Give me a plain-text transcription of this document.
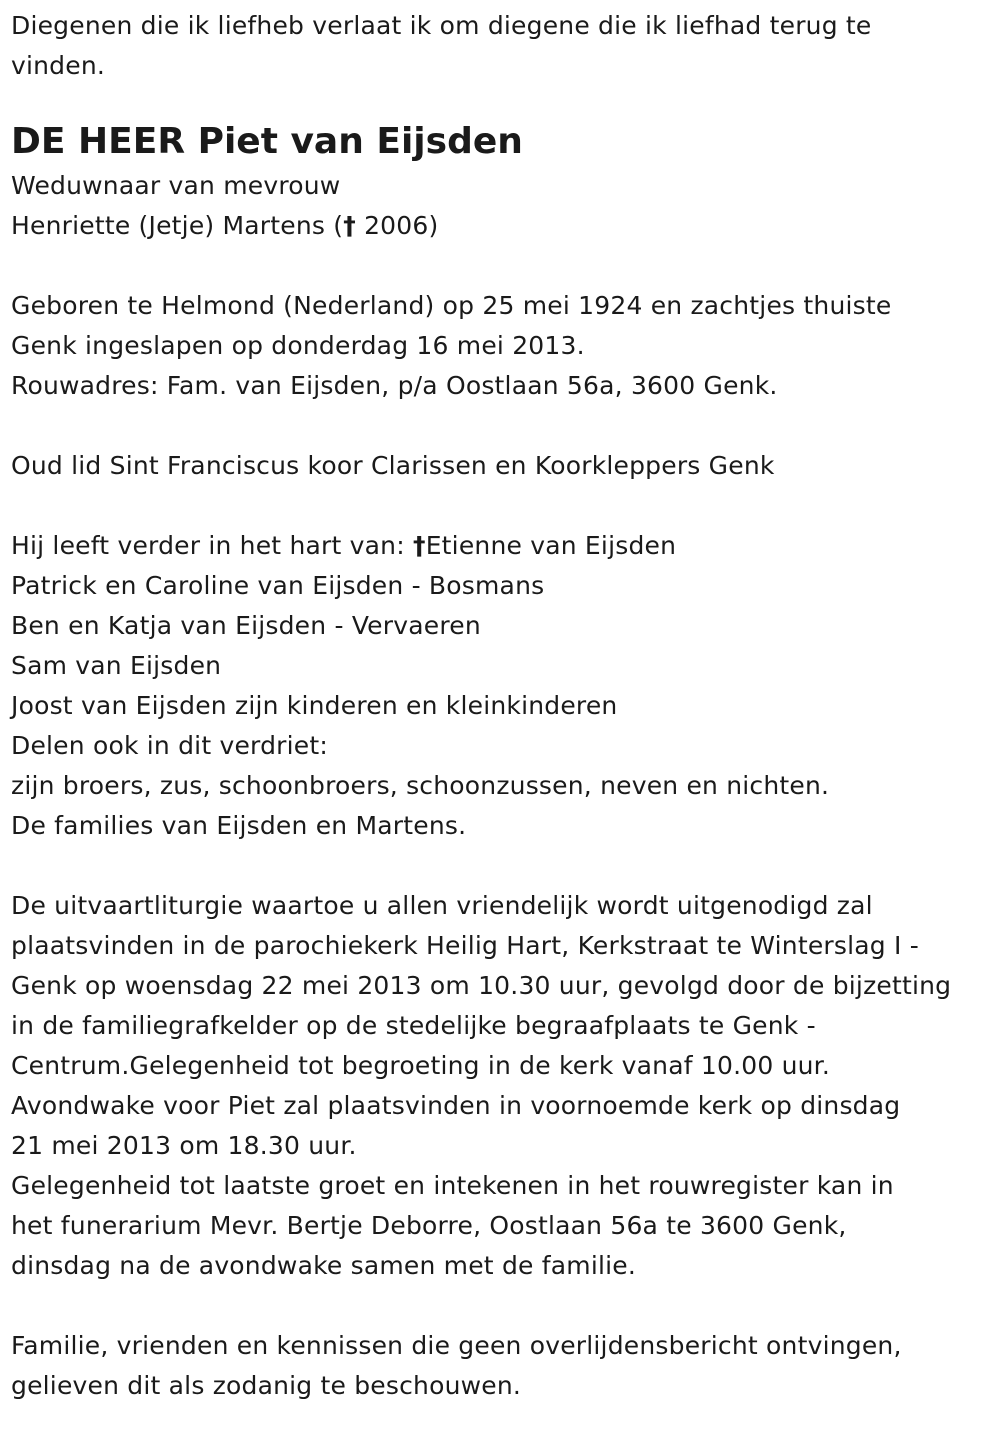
Diegenen die ik liefheb verlaat ik om diegene die ik liefhad terug te
vinden.
DE HEER Piet van Eijsden
Weduwnaar van mevrouw
Henriette (Jetje) Martens († 2006)
Geboren te Helmond (Nederland) op 25 mei 1924 en zachtjes thuiste
Genk ingeslapen op donderdag 16 mei 2013.
Rouwadres: Fam. van Eijsden, p/a Oostlaan 56a, 3600 Genk.
Oud lid Sint Franciscus koor Clarissen en Koorkleppers Genk
Hij leeft verder in het hart van: †Etienne van Eijsden
Patrick en Caroline van Eijsden - Bosmans
Ben en Katja van Eijsden - Vervaeren
Sam van Eijsden
Joost van Eijsden zijn kinderen en kleinkinderen
Delen ook in dit verdriet:
zijn broers, zus, schoonbroers, schoonzussen, neven en nichten.
De families van Eijsden en Martens.
De uitvaartliturgie waartoe u allen vriendelijk wordt uitgenodigd zal
plaatsvinden in de parochiekerk Heilig Hart, Kerkstraat te Winterslag I -
Genk op woensdag 22 mei 2013 om 10.30 uur, gevolgd door de bijzetting
in de familiegrafkelder op de stedelijke begraafplaats te Genk -
Centrum.Gelegenheid tot begroeting in de kerk vanaf 10.00 uur.
Avondwake voor Piet zal plaatsvinden in voornoemde kerk op dinsdag
21 mei 2013 om 18.30 uur.
Gelegenheid tot laatste groet en intekenen in het rouwregister kan in
het funerarium Mevr. Bertje Deborre, Oostlaan 56a te 3600 Genk,
dinsdag na de avondwake samen met de familie.
Familie, vrienden en kennissen die geen overlijdensbericht ontvingen,
gelieven dit als zodanig te beschouwen.
